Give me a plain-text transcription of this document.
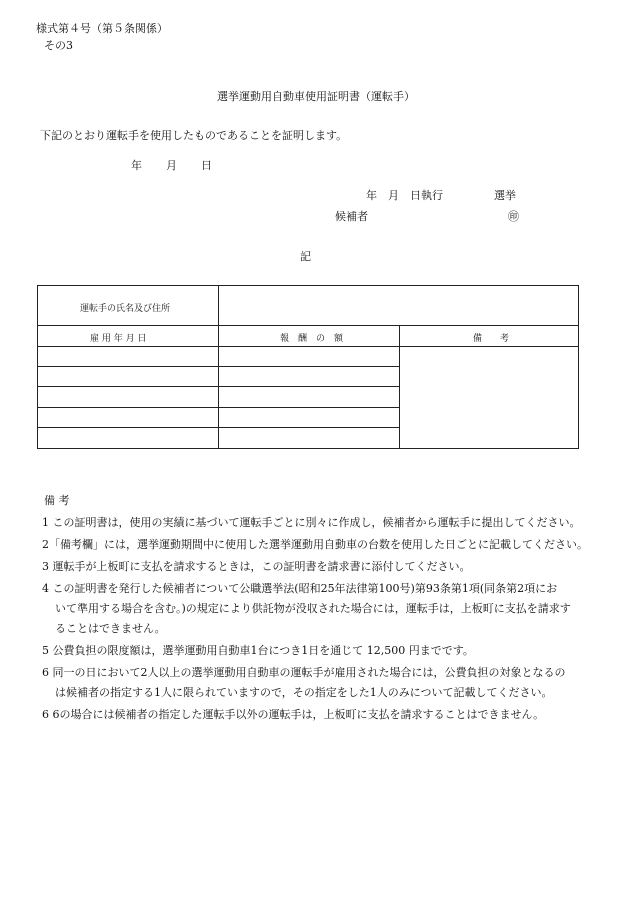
様式第４号（第５条関係）
その3
選挙運動用自動車使用証明書（運転手）
下記のとおり運転手を使用したものであることを証明します。
年 月 日
年　月　日執行	選挙
候補者	㊞
記
運転手の氏名及び住所
雇 用 年 月 日	報　酬　の　額	備　　考
備 考
1 この証明書は，使用の実績に基づいて運転手ごとに別々に作成し，候補者から運転手に提出してください。
2「備考欄」には，選挙運動期間中に使用した選挙運動用自動車の台数を使用した日ごとに記載してください。
3 運転手が上板町に支払を請求するときは，この証明書を請求書に添付してください。
4 この証明書を発行した候補者について公職選挙法(昭和25年法律第100号)第93条第1項(同条第2項にお
いて準用する場合を含む。)の規定により供託物が没収された場合には，運転手は，上板町に支払を請求す
ることはできません。
5 公費負担の限度額は，選挙運動用自動車1台につき1日を通じて 12,500 円までです。
6 同一の日において2人以上の選挙運動用自動車の運転手が雇用された場合には，公費負担の対象となるの
は候補者の指定する1人に限られていますので，その指定をした1人のみについて記載してください。
6 6の場合には候補者の指定した運転手以外の運転手は，上板町に支払を請求することはできません。
